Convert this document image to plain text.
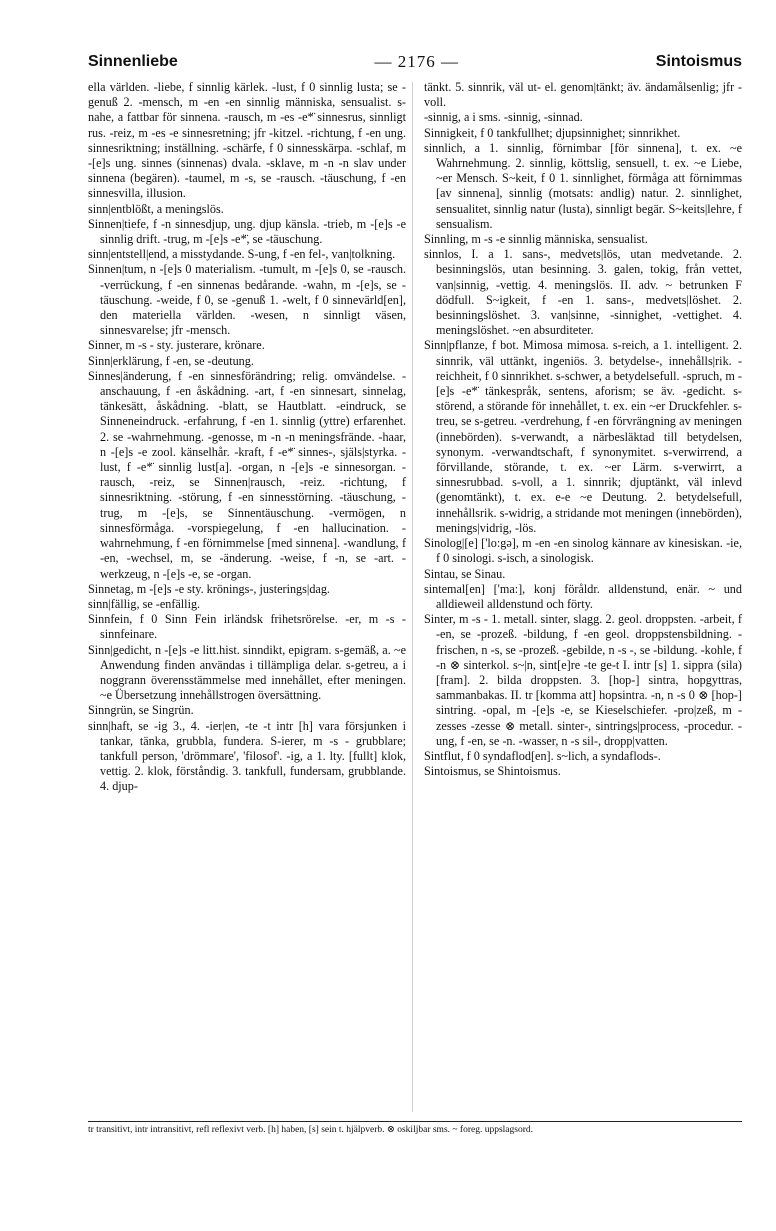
Sinnenliebe	— 2176 —	Sintoismus

ella världen. -liebe, f sinnlig kärlek. -lust, f 0 sinnlig lusta; se -genuß 2. -mensch, m -en -en sinnlig människa, sensualist. s-nahe, a fattbar för sinnena. -rausch, m -es -e*̈ sinnesrus, sinnligt rus. -reiz, m -es -e sinnesretning; jfr -kitzel. -richtung, f -en ung. sinnesriktning; inställning. -schärfe, f 0 sinnesskärpa. -schlaf, m -[e]s ung. sinnes (sinnenas) dvala. -sklave, m -n -n slav under sinnena (begären). -taumel, m -s, se -rausch. -täuschung, f -en sinnesvilla, illusion.

sinn|entblößt, a meningslös.

Sinnen|tiefe, f -n sinnesdjup, ung. djup känsla. -trieb, m -[e]s -e sinnlig drift. -trug, m -[e]s -e*̈, se -täuschung.

sinn|entstell|end, a misstydande. S-ung, f -en fel-, van|tolkning.

Sinnen|tum, n -[e]s 0 materialism. -tumult, m -[e]s 0, se -rausch. -verrückung, f -en sinnenas bedårande. -wahn, m -[e]s, se -täuschung. -weide, f 0, se -genuß 1. -welt, f 0 sinnevärld[en], den materiella världen. -wesen, n sinnligt väsen, sinnesvarelse; jfr -mensch.

Sinner, m -s - sty. justerare, krönare.

Sinn|erklärung, f -en, se -deutung.

Sinnes|änderung, f -en sinnesförändring; relig. omvändelse. -anschauung, f -en åskådning. -art, f -en sinnesart, sinnelag, tänkesätt, åskådning. -blatt, se Hautblatt. -eindruck, se Sinneneindruck. -erfahrung, f -en 1. sinnlig (yttre) erfarenhet. 2. se -wahrnehmung. -genosse, m -n -n meningsfrände. -haar, n -[e]s -e zool. känselhår. -kraft, f -e*̈ sinnes-, själs|styrka. -lust, f -e*̈ sinnlig lust[a]. -organ, n -[e]s -e sinnesorgan. -rausch, -reiz, se Sinnen|rausch, -reiz. -richtung, f sinnesriktning. -störung, f -en sinnesstörning. -täuschung, -trug, m -[e]s, se Sinnentäuschung. -vermögen, n sinnesförmåga. -vorspiegelung, f -en hallucination. -wahrnehmung, f -en förnimmelse [med sinnena]. -wandlung, f -en, -wechsel, m, se -änderung. -weise, f -n, se -art. -werkzeug, n -[e]s -e, se -organ.

Sinnetag, m -[e]s -e sty. krönings-, justerings|dag.

sinn|fällig, se -enfällig.

Sinnfein, f 0 Sinn Fein irländsk frihetsrörelse. -er, m -s - sinnfeinare.

Sinn|gedicht, n -[e]s -e litt.hist. sinndikt, epigram. s-gemäß, a. ~e Anwendung finden användas i tillämpliga delar. s-getreu, a i noggrann överensstämmelse med innehållet, efter meningen. ~e Übersetzung innehållstrogen översättning.

Sinngrün, se Singrün.

sinn|haft, se -ig 3., 4. -ier|en, -te -t intr [h] vara försjunken i tankar, tänka, grubbla, fundera. S-ierer, m -s - grubblare; tankfull person, 'drömmare', 'filosof'. -ig, a 1. lty. [fullt] klok, vettig. 2. klok, förståndig. 3. tankfull, fundersam, grubblande. 4. djup-

tänkt. 5. sinnrik, väl ut- el. genom|tänkt; äv. ändamålsenlig; jfr -voll.

-sinnig, a i sms. -sinnig, -sinnad.

Sinnigkeit, f 0 tankfullhet; djupsinnighet; sinnrikhet.

sinnlich, a 1. sinnlig, förnimbar [för sinnena], t. ex. ~e Wahrnehmung. 2. sinnlig, köttslig, sensuell, t. ex. ~e Liebe, ~er Mensch. S~keit, f 0 1. sinnlighet, förmåga att förnimmas [av sinnena], sinnlig (motsats: andlig) natur. 2. sinnlighet, sensualitet, sinnlig natur (lusta), sinnligt begär. S~keits|lehre, f sensualism.

Sinnling, m -s -e sinnlig människa, sensualist.

sinnlos, I. a 1. sans-, medvets|lös, utan medvetande. 2. besinningslös, utan besinning. 3. galen, tokig, från vettet, van|sinnig, -vettig. 4. meningslös. II. adv. ~ betrunken F dödfull. S~igkeit, f -en 1. sans-, medvets|löshet. 2. besinningslöshet. 3. van|sinne, -sinnighet, -vettighet. 4. meningslöshet. ~en absurditeter.

Sinn|pflanze, f bot. Mimosa mimosa. s-reich, a 1. intelligent. 2. sinnrik, väl uttänkt, ingeniös. 3. betydelse-, innehålls|rik. -reichheit, f 0 sinnrikhet. s-schwer, a betydelsefull. -spruch, m -[e]s -e*̈ tänkespråk, sentens, aforism; se äv. -gedicht. s-störend, a störande för innehållet, t. ex. ein ~er Druckfehler. s-treu, se s-getreu. -verdrehung, f -en förvrängning av meningen (innebörden). s-verwandt, a närbesläktad till betydelsen, synonym. -verwandtschaft, f synonymitet. s-verwirrend, a förvillande, störande, t. ex. ~er Lärm. s-verwirrt, a sinnesrubbad. s-voll, a 1. sinnrik; djuptänkt, väl inlevd (genomtänkt), t. ex. e-e ~e Deutung. 2. betydelsefull, innehållsrik. s-widrig, a stridande mot meningen (innebörden), menings|vidrig, -lös.

Sinolog|[e] ['lo:gə], m -en -en sinolog kännare av kinesiskan. -ie, f 0 sinologi. s-isch, a sinologisk.

Sintau, se Sinau.

sintemal[en] ['ma:], konj föråldr. alldenstund, enär. ~ und alldieweil alldenstund och förty.

Sinter, m -s - 1. metall. sinter, slagg. 2. geol. droppsten. -arbeit, f -en, se -prozeß. -bildung, f -en geol. droppstensbildning. -frischen, n -s, se -prozeß. -gebilde, n -s -, se -bildung. -kohle, f -n ⊗ sinterkol. s~|n, sint[e]re -te ge-t I. intr [s] 1. sippra (sila) [fram]. 2. bilda droppsten. 3. [hop-] sintra, hopgyttras, sammanbakas. II. tr [komma att] hopsintra. -n, n -s 0 ⊗ [hop-] sintring. -opal, m -[e]s -e, se Kieselschiefer. -pro|zeß, m -zesses -zesse ⊗ metall. sinter-, sintrings|process, -procedur. -ung, f -en, se -n. -wasser, n -s sil-, dropp|vatten.

Sintflut, f 0 syndaflod[en]. s~lich, a syndaflods-.

Sintoismus, se Shintoismus.

tr transitivt, intr intransitivt, refl reflexivt verb. [h] haben, [s] sein t. hjälpverb. ⊗ oskiljbar sms. ~ foreg. uppslagsord.
